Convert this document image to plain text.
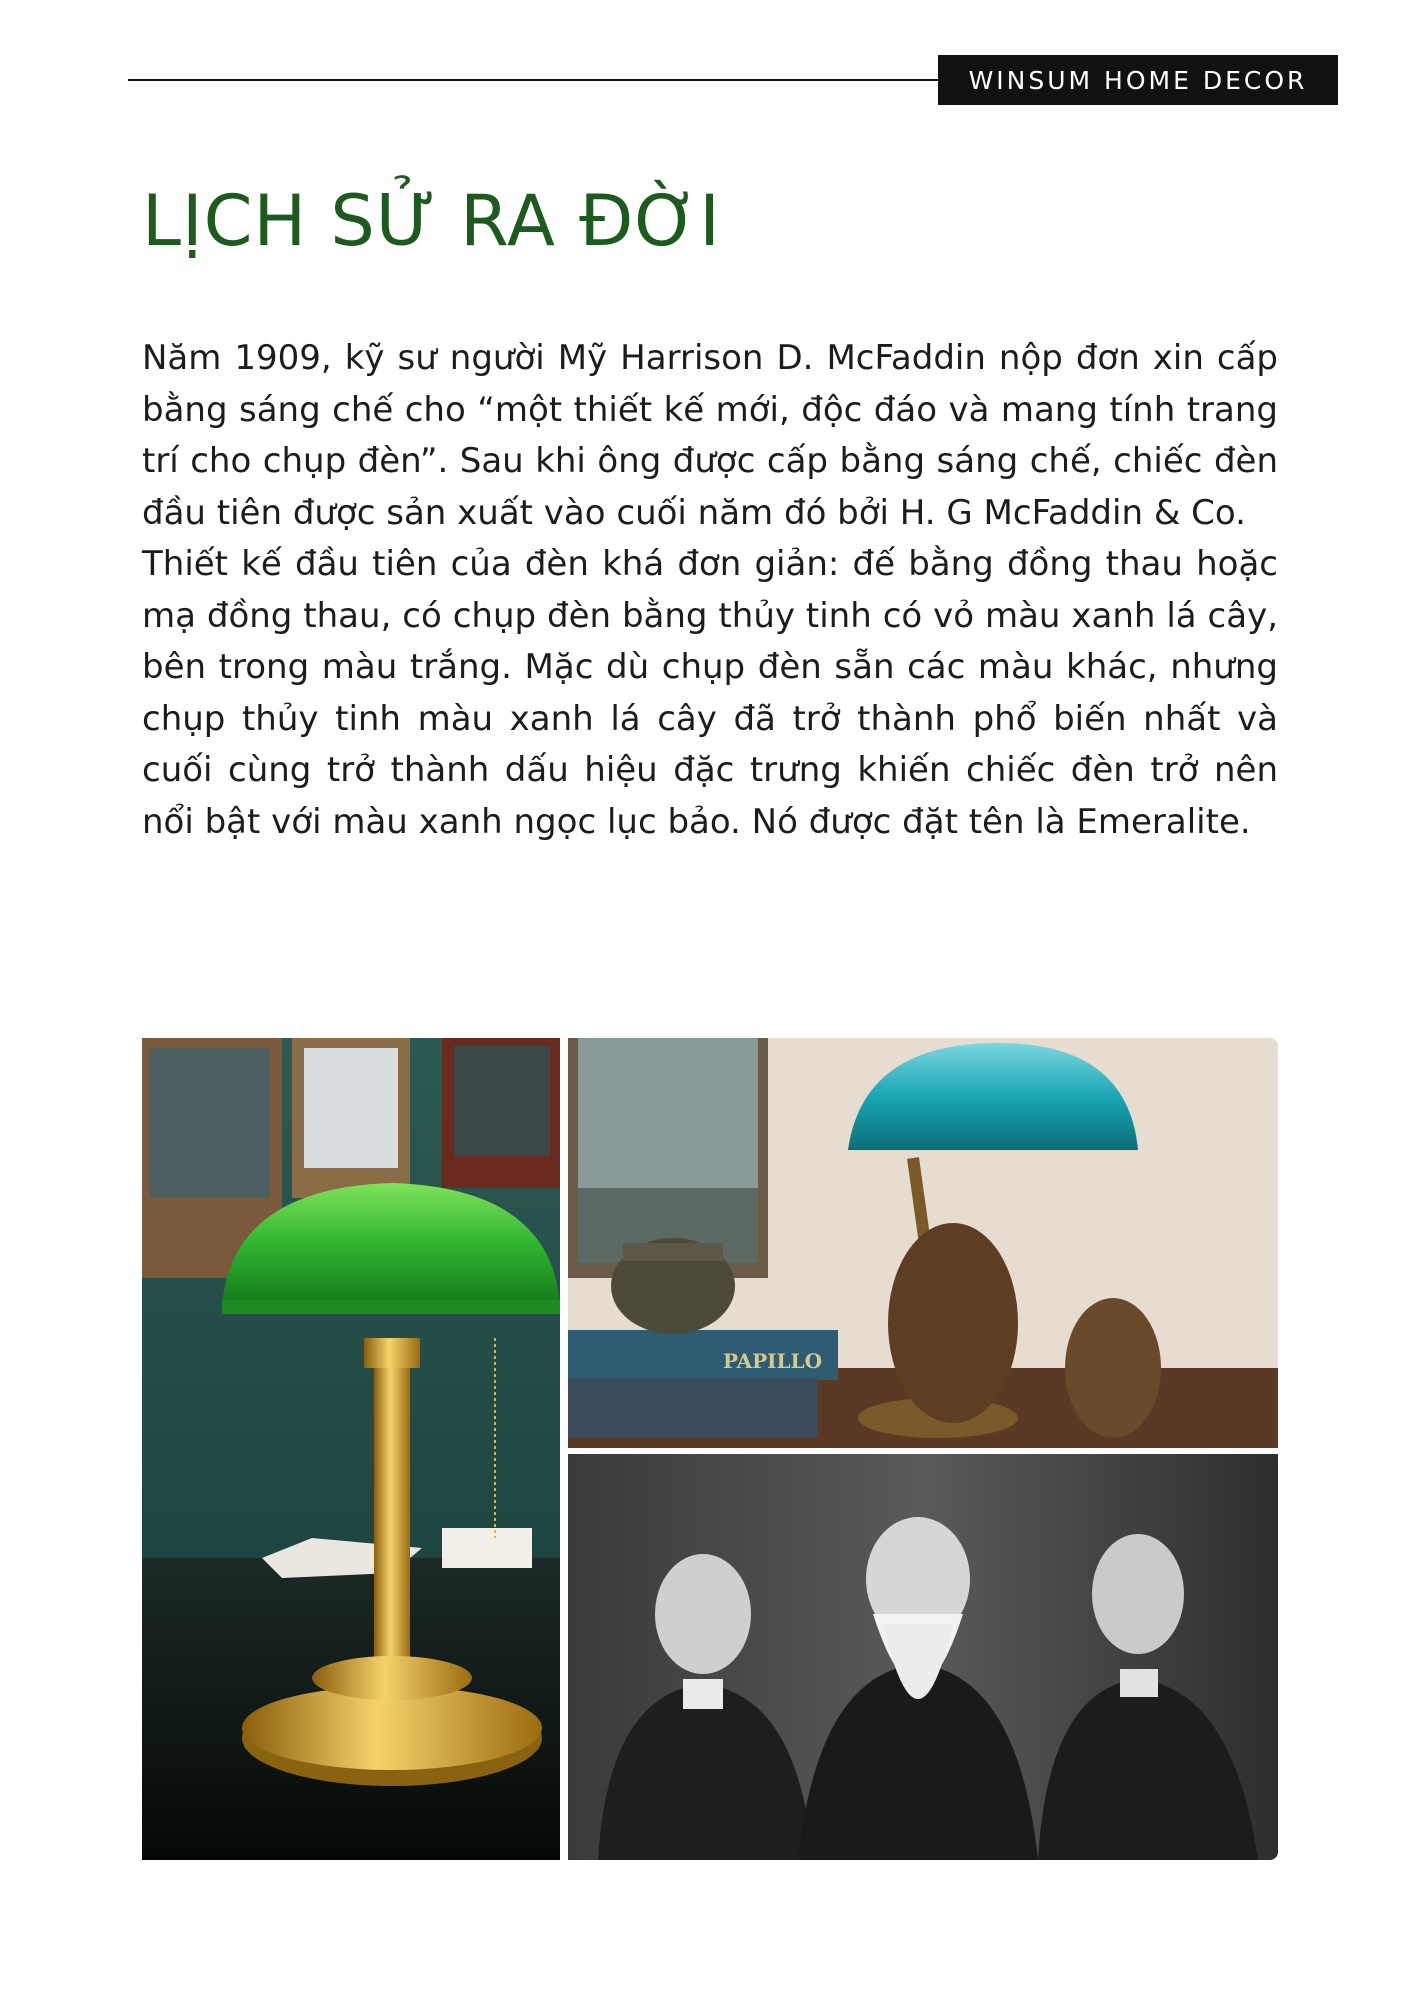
WINSUM HOME DECOR
LỊCH SỬ RA ĐỜI

Năm 1909, kỹ sư người Mỹ Harrison D. McFaddin nộp đơn xin cấp bằng sáng chế cho “một thiết kế mới, độc đáo và mang tính trang trí cho chụp đèn”. Sau khi ông được cấp bằng sáng chế, chiếc đèn đầu tiên được sản xuất vào cuối năm đó bởi H. G McFaddin & Co.

Thiết kế đầu tiên của đèn khá đơn giản: đế bằng đồng thau hoặc mạ đồng thau, có chụp đèn bằng thủy tinh có vỏ màu xanh lá cây, bên trong màu trắng. Mặc dù chụp đèn sẵn các màu khác, nhưng chụp thủy tinh màu xanh lá cây đã trở thành phổ biến nhất và cuối cùng trở thành dấu hiệu đặc trưng khiến chiếc đèn trở nên nổi bật với màu xanh ngọc lục bảo. Nó được đặt tên là Emeralite.

PAPILLO
